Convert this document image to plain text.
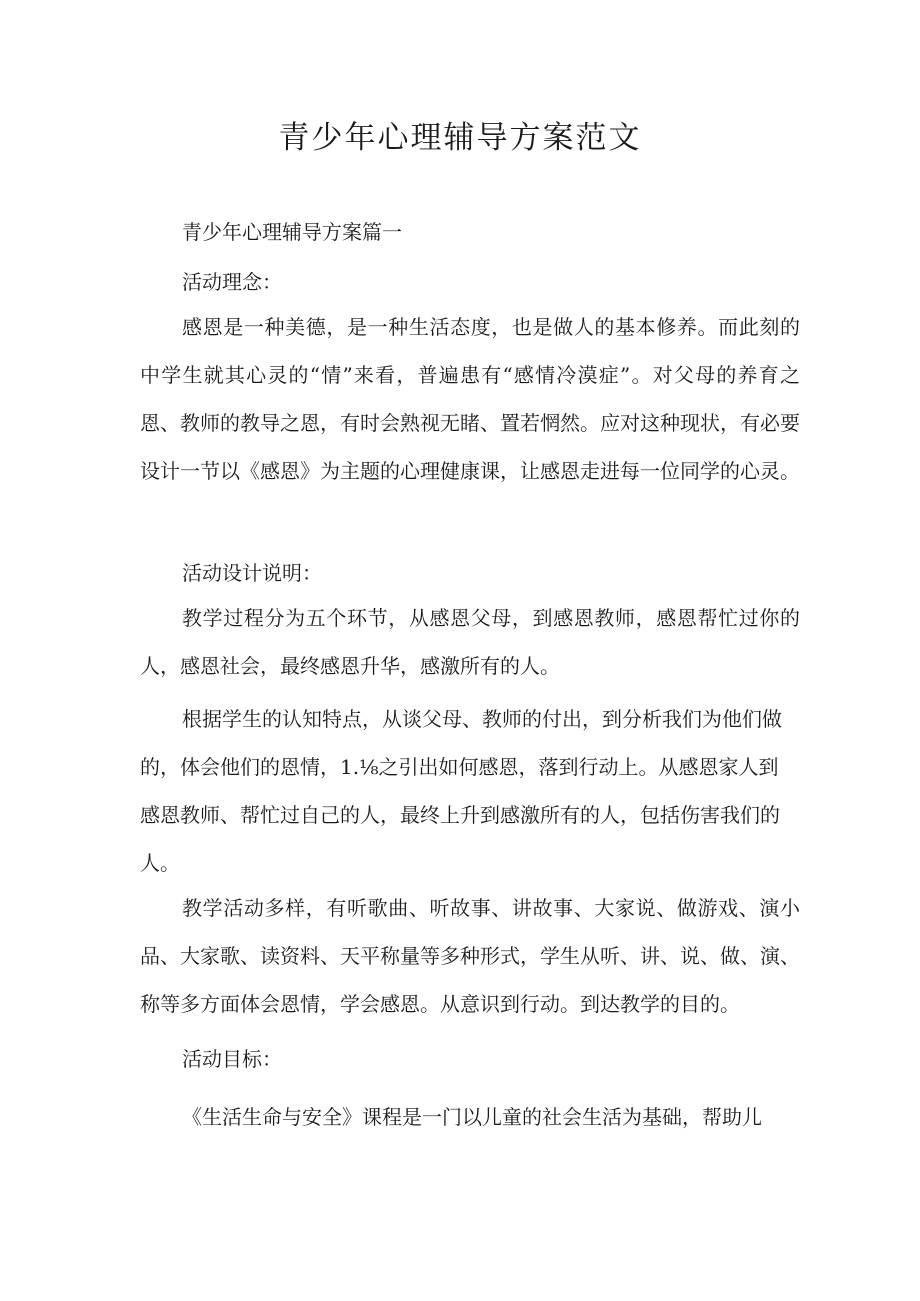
青少年心理辅导方案范文

青少年心理辅导方案篇一

活动理念：

感恩是一种美德，是一种生活态度，也是做人的基本修养。而此刻的中学生就其心灵的“情”来看，普遍患有“感情冷漠症”。对父母的养育之恩、教师的教导之恩，有时会熟视无睹、置若惘然。应对这种现状，有必要设计一节以《感恩》为主题的心理健康课，让感恩走进每一位同学的心灵。

活动设计说明：

教学过程分为五个环节，从感恩父母，到感恩教师，感恩帮忙过你的人，感恩社会，最终感恩升华，感激所有的人。

根据学生的认知特点，从谈父母、教师的付出，到分析我们为他们做

的，体会他们的恩情，1.⅛之引出如何感恩，落到行动上。从感恩家人到

感恩教师、帮忙过自己的人，最终上升到感激所有的人，包括伤害我们的

人。

教学活动多样，有听歌曲、听故事、讲故事、大家说、做游戏、演小品、大家歌、读资料、天平称量等多种形式，学生从听、讲、说、做、演、称等多方面体会恩情，学会感恩。从意识到行动。到达教学的目的。

活动目标：

《生活生命与安全》课程是一门以儿童的社会生活为基础，帮助儿
